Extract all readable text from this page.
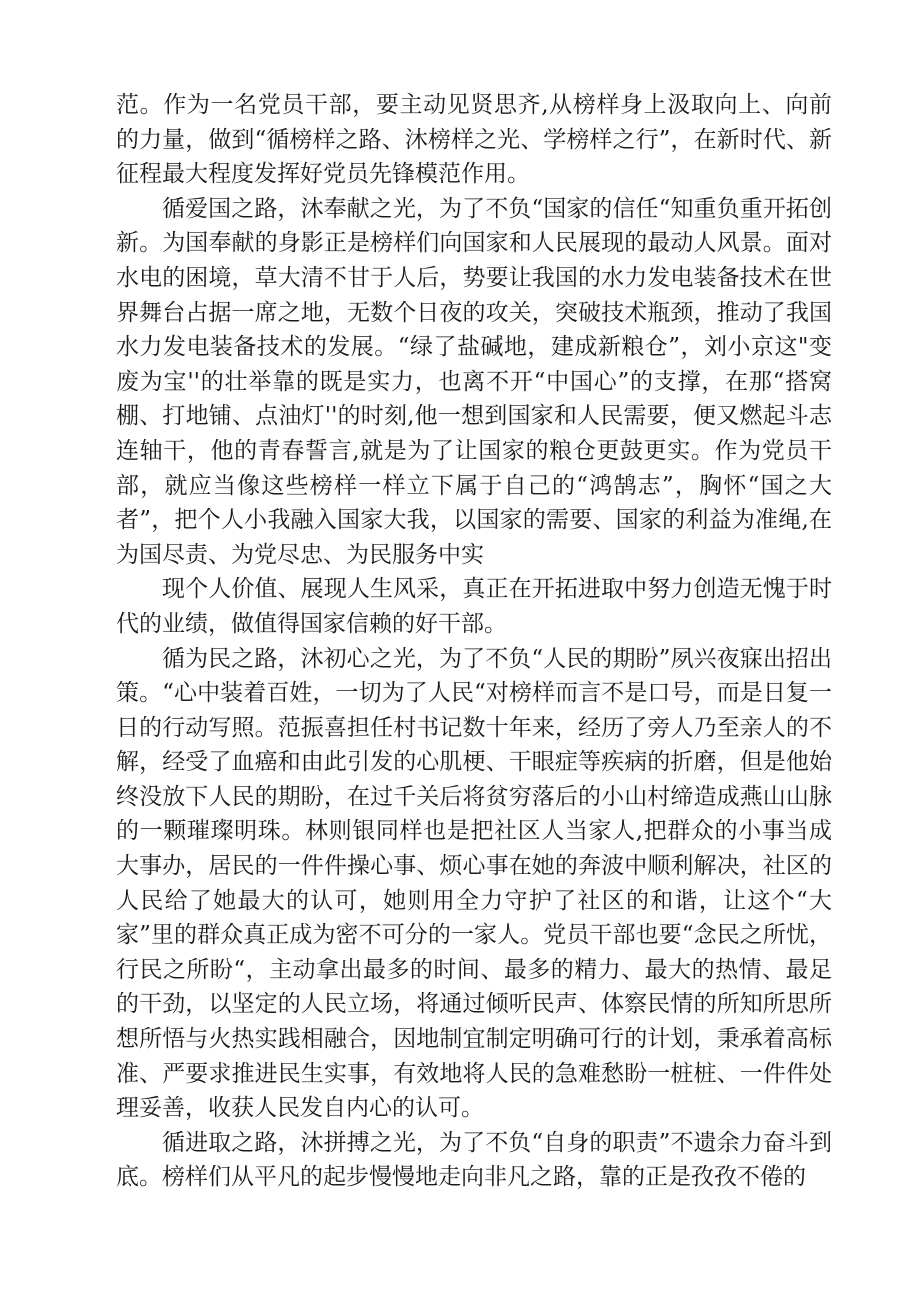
范。作为一名党员干部，要主动见贤思齐,从榜样身上汲取向上、向前的力量，做到“循榜样之路、沐榜样之光、学榜样之行”，在新时代、新征程最大程度发挥好党员先锋模范作用。

循爱国之路，沐奉献之光，为了不负“国家的信任“知重负重开拓创新。为国奉献的身影正是榜样们向国家和人民展现的最动人风景。面对水电的困境，草大清不甘于人后，势要让我国的水力发电装备技术在世界舞台占据一席之地，无数个日夜的攻关，突破技术瓶颈，推动了我国水力发电装备技术的发展。“绿了盐碱地，建成新粮仓”，刘小京这"变废为宝''的壮举靠的既是实力，也离不开“中国心”的支撑，在那“搭窝棚、打地铺、点油灯''的时刻,他一想到国家和人民需要，便又燃起斗志连轴干，他的青春誓言,就是为了让国家的粮仓更鼓更实。作为党员干部，就应当像这些榜样一样立下属于自己的“鸿鹄志”，胸怀“国之大者”，把个人小我融入国家大我，以国家的需要、国家的利益为准绳,在为国尽责、为党尽忠、为民服务中实

现个人价值、展现人生风采，真正在开拓进取中努力创造无愧于时代的业绩，做值得国家信赖的好干部。

循为民之路，沐初心之光，为了不负“人民的期盼”夙兴夜寐出招出策。“心中装着百姓，一切为了人民“对榜样而言不是口号，而是日复一日的行动写照。范振喜担任村书记数十年来，经历了旁人乃至亲人的不解，经受了血癌和由此引发的心肌梗、干眼症等疾病的折磨，但是他始终没放下人民的期盼，在过千关后将贫穷落后的小山村缔造成燕山山脉的一颗璀璨明珠。林则银同样也是把社区人当家人,把群众的小事当成大事办，居民的一件件操心事、烦心事在她的奔波中顺利解决，社区的人民给了她最大的认可，她则用全力守护了社区的和谐，让这个“大家”里的群众真正成为密不可分的一家人。党员干部也要“念民之所忧，行民之所盼“，主动拿出最多的时间、最多的精力、最大的热情、最足的干劲，以坚定的人民立场，将通过倾听民声、体察民情的所知所思所想所悟与火热实践相融合，因地制宜制定明确可行的计划，秉承着高标准、严要求推进民生实事，有效地将人民的急难愁盼一桩桩、一件件处理妥善，收获人民发自内心的认可。

循进取之路，沐拼搏之光，为了不负“自身的职责”不遗余力奋斗到底。榜样们从平凡的起步慢慢地走向非凡之路，靠的正是孜孜不倦的
